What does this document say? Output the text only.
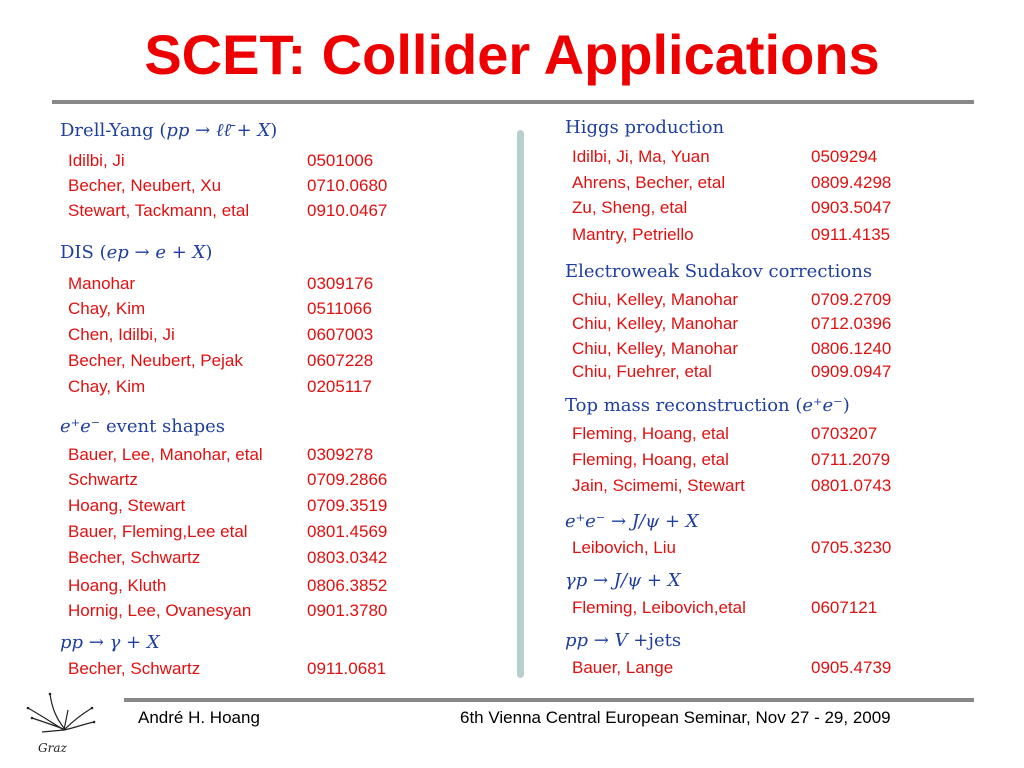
SCET: Collider Applications
Drell-Yang (pp → ℓℓ̄ + X)
Idilbi, Ji	0501006
Becher, Neubert, Xu	0710.0680
Stewart, Tackmann, etal	0910.0467
DIS (ep → e + X)
Manohar	0309176
Chay, Kim	0511066
Chen, Idilbi, Ji	0607003
Becher, Neubert, Pejak	0607228
Chay, Kim	0205117
e⁺e⁻ event shapes
Bauer, Lee, Manohar, etal	0309278
Schwartz	0709.2866
Hoang, Stewart	0709.3519
Bauer, Fleming,Lee etal	0801.4569
Becher, Schwartz	0803.0342
Hoang, Kluth	0806.3852
Hornig, Lee, Ovanesyan	0901.3780
pp → γ + X
Becher, Schwartz	0911.0681
Higgs production
Idilbi, Ji, Ma, Yuan	0509294
Ahrens, Becher, etal	0809.4298
Zu, Sheng, etal	0903.5047
Mantry, Petriello	0911.4135
Electroweak Sudakov corrections
Chiu, Kelley, Manohar	0709.2709
Chiu, Kelley, Manohar	0712.0396
Chiu, Kelley, Manohar	0806.1240
Chiu, Fuehrer, etal	0909.0947
Top mass reconstruction (e⁺e⁻)
Fleming, Hoang, etal	0703207
Fleming, Hoang, etal	0711.2079
Jain, Scimemi, Stewart	0801.0743
e⁺e⁻ → J/ψ + X
Leibovich, Liu	0705.3230
γp → J/ψ + X
Fleming, Leibovich,etal	0607121
pp → V +jets
Bauer, Lange	0905.4739
Graz
André H. Hoang	6th Vienna Central European Seminar, Nov 27 - 29, 2009
